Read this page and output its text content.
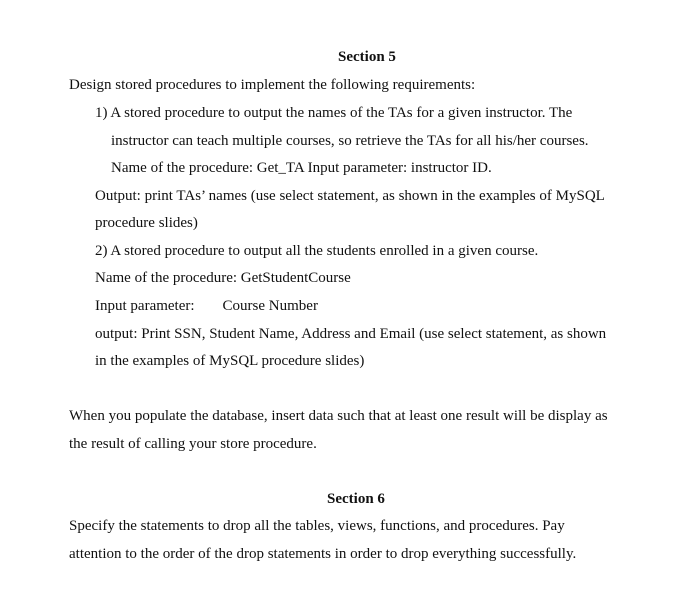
Section 5
Design stored procedures to implement the following requirements:
1) A stored procedure to output the names of the TAs for a given instructor. The
instructor can teach multiple courses, so retrieve the TAs for all his/her courses.
Name of the procedure: Get_TA Input parameter: instructor ID.
Output: print TAs’ names (use select statement, as shown in the examples of MySQL
procedure slides)
2) A stored procedure to output all the students enrolled in a given course.
Name of the procedure: GetStudentCourse
Input parameter: Course Number
output: Print SSN, Student Name, Address and Email (use select statement, as shown
in the examples of MySQL procedure slides)
When you populate the database, insert data such that at least one result will be display as
the result of calling your store procedure.
Section 6
Specify the statements to drop all the tables, views, functions, and procedures. Pay
attention to the order of the drop statements in order to drop everything successfully.
